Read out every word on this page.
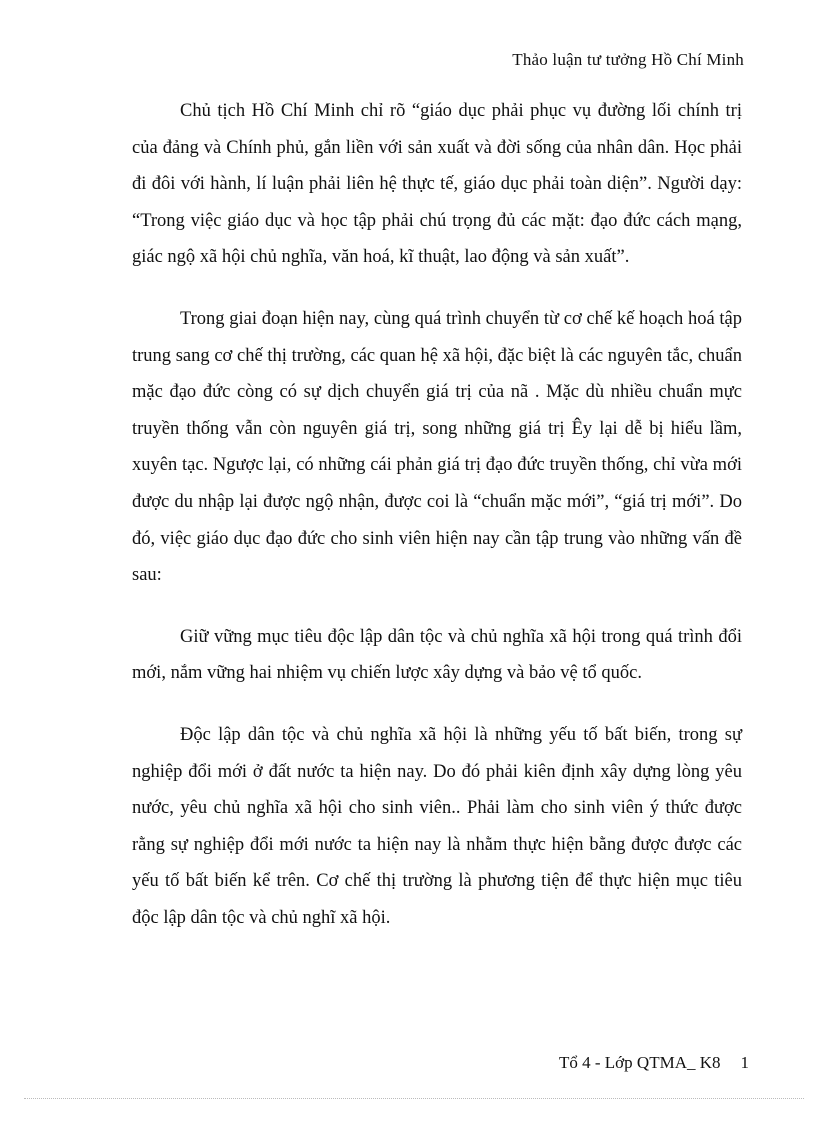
Thảo luận tư tưởng Hồ Chí Minh

Chủ tịch Hồ Chí Minh chỉ rõ “giáo dục phải phục vụ đường lối chính trị của đảng và Chính phủ, gắn liền với sản xuất và đời sống của nhân dân. Học phải đi đôi với hành, lí luận phải liên hệ thực tế, giáo dục phải toàn diện”. Người dạy: “Trong việc giáo dục và học tập phải chú trọng đủ các mặt: đạo đức cách mạng, giác ngộ xã hội chủ nghĩa, văn hoá, kĩ thuật, lao động và sản xuất”.

Trong giai đoạn hiện nay, cùng quá trình chuyển từ cơ chế kế hoạch hoá tập trung sang cơ chế thị trường, các quan hệ xã hội, đặc biệt là các nguyên tắc, chuẩn mặc đạo đức còng có sự dịch chuyển giá trị của nã . Mặc dù nhiều chuẩn mực truyền thống vẫn còn nguyên giá trị, song những giá trị Êy lại dễ bị hiểu lầm, xuyên tạc. Ngược lại, có những cái phản giá trị đạo đức truyền thống, chỉ vừa mới được du nhập lại được ngộ nhận, được coi là “chuẩn mặc mới”, “giá trị mới”. Do đó, việc giáo dục đạo đức cho sinh viên hiện nay cần tập trung vào những vấn đề sau:

Giữ vững mục tiêu độc lập dân tộc và chủ nghĩa xã hội trong quá trình đổi mới, nắm vững hai nhiệm vụ chiến lược xây dựng và bảo vệ tổ quốc.

Độc lập dân tộc và chủ nghĩa xã hội là những yếu tố bất biến, trong sự nghiệp đổi mới ở đất nước ta hiện nay. Do đó phải kiên định xây dựng lòng yêu nước, yêu chủ nghĩa xã hội cho sinh viên.. Phải làm cho sinh viên ý thức được rằng sự nghiệp đổi mới nước ta hiện nay là nhằm thực hiện bằng được được các yếu tố bất biến kể trên. Cơ chế thị trường là phương tiện để thực hiện mục tiêu độc lập dân tộc và chủ nghĩ xã hội.

Tổ 4 - Lớp QTMA_ K8 1
